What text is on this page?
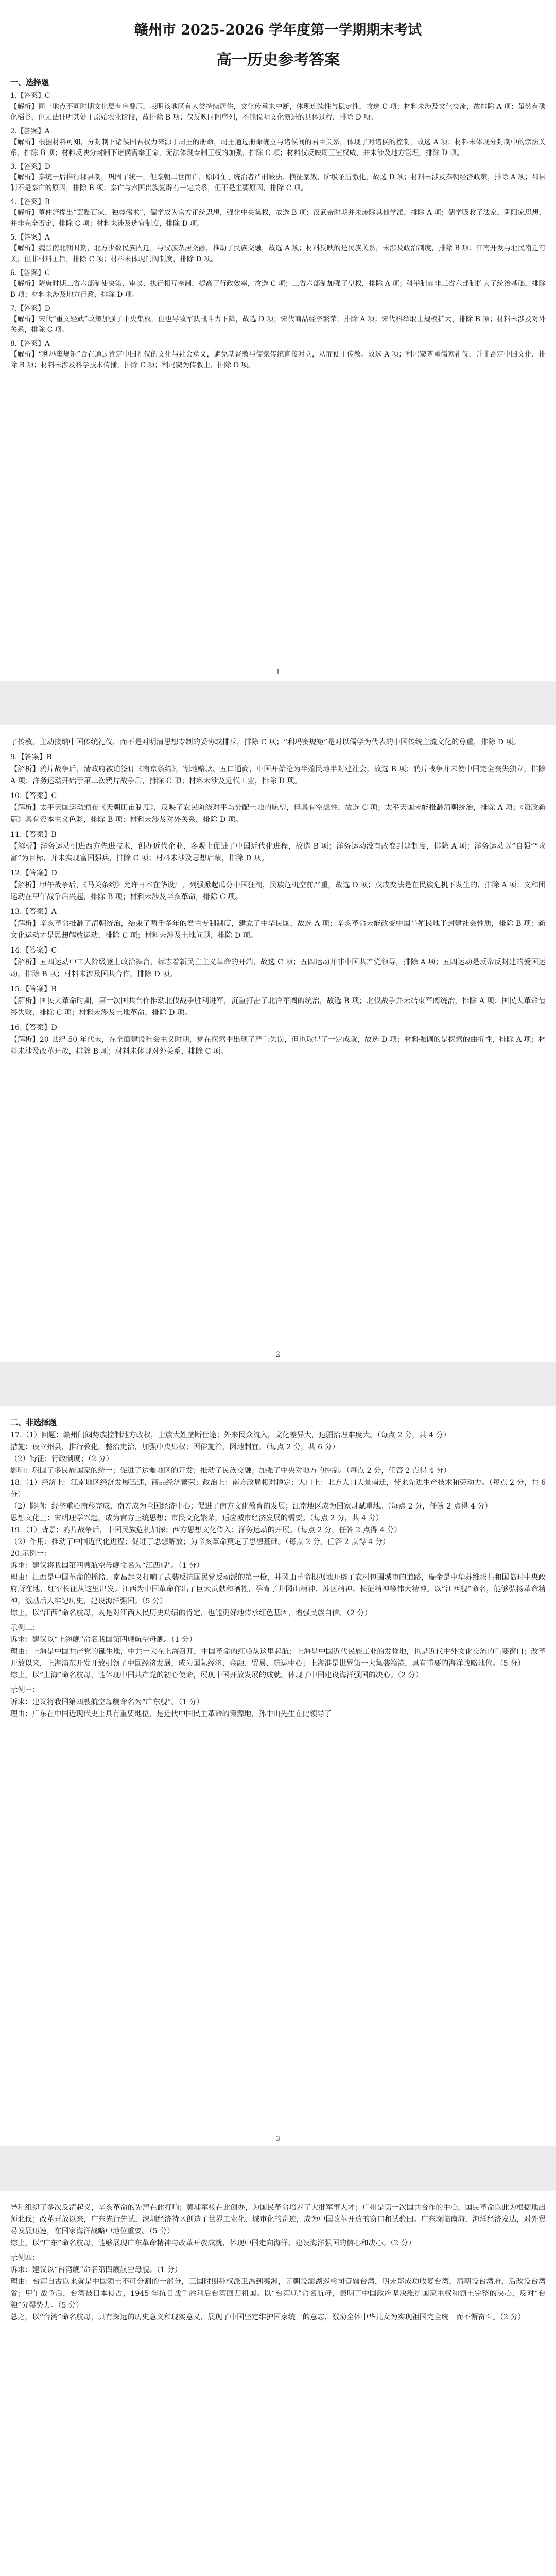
赣州市 2025-2026 学年度第一学期期末考试
高一历史参考答案
一、选择题

1.【答案】C

【解析】同一地点不同时期文化层有序叠压，表明该地区有人类持续居住，文化传承未中断，体现连续性与稳定性，故选 C 项；材料未涉及文化交流，故排除 A 项；虽然有碳化稻谷，但无法证明其处于原始农业阶段，故排除 B 项；仅反映时间序列，不能说明文化演进的具体过程，排除 D 项。

2.【答案】A

【解析】根据材料可知，分封制下诸侯国君权力来源于周王的册命，周王通过册命确立与诸侯间的君臣关系，体现了对诸侯的控制，故选 A 项；材料未体现分封制中的宗法关系，排除 B 项；材料反映分封制下诸侯需奉王命，无法体现专制王权的加强，排除 C 项；材料仅反映周王室权威，并未涉及地方管理，排除 D 项。

3.【答案】D

【解析】秦统一后推行郡县制，巩固了统一，但秦朝二世而亡，原因在于统治者严刑峻法、横征暴敛，阶级矛盾激化，故选 D 项；材料未涉及秦朝经济政策，排除 A 项；郡县制不是秦亡的原因，排除 B 项；秦亡与六国贵族复辟有一定关系，但不是主要原因，排除 C 项。

4.【答案】B

【解析】董仲舒提出“罢黜百家，独尊儒术”，儒学成为官方正统思想，强化中央集权，故选 B 项；汉武帝时期并未废除其他学派，排除 A 项；儒学吸收了法家、阴阳家思想，并非完全否定，排除 C 项；材料未涉及选官制度，排除 D 项。

5.【答案】A

【解析】魏晋南北朝时期，北方少数民族内迁，与汉族杂居交融，推动了民族交融，故选 A 项；材料反映的是民族关系，未涉及政治制度，排除 B 项；江南开发与北民南迁有关，但非材料主旨，排除 C 项；材料未体现门阀制度，排除 D 项。

6.【答案】C

【解析】隋唐时期三省六部制使决策、审议、执行相互牵制，提高了行政效率，故选 C 项；三省六部制加强了皇权，排除 A 项；科举制而非三省六部制扩大了统治基础，排除 B 项；材料未涉及地方行政，排除 D 项。

7.【答案】D

【解析】宋代“重文轻武”政策加强了中央集权，但也导致军队战斗力下降，故选 D 项；宋代商品经济繁荣，排除 A 项；宋代科举取士规模扩大，排除 B 项；材料未涉及对外关系，排除 C 项。

8.【答案】A

【解析】“利玛窦规矩”旨在通过肯定中国礼仪的文化与社会意义，避免基督教与儒家传统直接对立，从而便于传教。故选 A 项；利玛窦尊重儒家礼仪，并非否定中国文化，排除 B 项；材料未涉及科学技术传播，排除 C 项；利玛窦为传教士，排除 D 项。

1

了传教，主动接纳中国传统礼仪，而不是对明清思想专制的妥协或排斥，排除 C 项；“利玛窦规矩”是对以儒学为代表的中国传统主流文化的尊重，排除 D 项。

9.【答案】B

【解析】鸦片战争后，清政府被迫签订《南京条约》，割地赔款、五口通商，中国开始沦为半殖民地半封建社会，故选 B 项；鸦片战争并未使中国完全丧失独立，排除 A 项；洋务运动开始于第二次鸦片战争后，排除 C 项；材料未涉及近代工业，排除 D 项。

10.【答案】C

【解析】太平天国运动颁布《天朝田亩制度》，反映了农民阶级对平均分配土地的愿望，但具有空想性，故选 C 项；太平天国未能推翻清朝统治，排除 A 项；《资政新篇》具有资本主义色彩，排除 B 项；材料未涉及对外关系，排除 D 项。

11.【答案】B

【解析】洋务运动引进西方先进技术，创办近代企业，客观上促进了中国近代化进程，故选 B 项；洋务运动没有改变封建制度，排除 A 项；洋务运动以“自强”“求富”为目标，并未实现富国强兵，排除 C 项；材料未涉及思想启蒙，排除 D 项。

12.【答案】D

【解析】甲午战争后，《马关条约》允许日本在华设厂，列强掀起瓜分中国狂潮，民族危机空前严重，故选 D 项；戊戌变法是在民族危机下发生的，排除 A 项；义和团运动在甲午战争后兴起，排除 B 项；材料未涉及辛亥革命，排除 C 项。

13.【答案】A

【解析】辛亥革命推翻了清朝统治，结束了两千多年的君主专制制度，建立了中华民国，故选 A 项；辛亥革命未能改变中国半殖民地半封建社会性质，排除 B 项；新文化运动才是思想解放运动，排除 C 项；材料未涉及土地问题，排除 D 项。

14.【答案】C

【解析】五四运动中工人阶级登上政治舞台，标志着新民主主义革命的开端，故选 C 项；五四运动并非中国共产党领导，排除 A 项；五四运动是反帝反封建的爱国运动，排除 B 项；材料未涉及国共合作，排除 D 项。

15.【答案】B

【解析】国民大革命时期，第一次国共合作推动北伐战争胜利进军，沉重打击了北洋军阀的统治，故选 B 项；北伐战争并未结束军阀统治，排除 A 项；国民大革命最终失败，排除 C 项；材料未涉及土地革命，排除 D 项。

16.【答案】D

【解析】20 世纪 50 年代末，在全面建设社会主义时期，党在探索中出现了严重失误，但也取得了一定成就，故选 D 项；材料强调的是探索的曲折性，排除 A 项；材料未涉及改革开放，排除 B 项；材料未体现对外关系，排除 C 项。

2
二、非选择题

17.（1）问题：赣州门阀势族控制地方政权，士族大姓垄断仕途；外来民众流入，文化差异大，边疆治理难度大。（每点 2 分，共 4 分）

措施：设立州县，推行教化，整治吏治，加强中央集权；因俗施治，因地制宜。（每点 2 分，共 6 分）

（2）特征：行政制度；（2 分）

影响：巩固了多民族国家的统一；促进了边疆地区的开发；推动了民族交融；加强了中央对地方的控制。（每点 2 分，任答 2 点得 4 分）

18.（1）经济上：江南地区经济发展迅速，商品经济繁荣；政治上：南方政局相对稳定；人口上：北方人口大量南迁，带来先进生产技术和劳动力。（每点 2 分，共 6 分）

（2）影响：经济重心南移完成，南方成为全国经济中心；促进了南方文化教育的发展；江南地区成为国家财赋重地。（每点 2 分，任答 2 点得 4 分）

思想文化上：宋明理学兴起，成为官方正统思想；市民文化繁荣，适应城市经济发展的需要。（每点 2 分，共 4 分）

19.（1）背景：鸦片战争后，中国民族危机加深；西方思想文化传入；洋务运动的开展。（每点 2 分，任答 2 点得 4 分）

（2）作用：推动了中国近代化进程；促进了思想解放；为辛亥革命奠定了思想基础。（每点 2 分，任答 2 点得 4 分）

20.示例一：

诉求：建议将我国第四艘航空母舰命名为“江西舰”。（1 分）

理由：江西是中国革命的摇篮，南昌起义打响了武装反抗国民党反动派的第一枪，井冈山革命根据地开辟了农村包围城市的道路，瑞金是中华苏维埃共和国临时中央政府所在地，红军长征从这里出发。江西为中国革命作出了巨大贡献和牺牲，孕育了井冈山精神、苏区精神、长征精神等伟大精神。以“江西舰”命名，能够弘扬革命精神，激励后人牢记历史，建设海洋强国。（5 分）

综上，以“江西”命名航母，既是对江西人民历史功绩的肯定，也能更好地传承红色基因，增强民族自信。（2 分）

示例二：

诉求：建议以“上海舰”命名我国第四艘航空母舰。（1 分）

理由：上海是中国共产党的诞生地，中共一大在上海召开，中国革命的红船从这里起航；上海是中国近代民族工业的发祥地，也是近代中外文化交流的重要窗口；改革开放以来，上海浦东开发开放引领了中国经济发展，成为国际经济、金融、贸易、航运中心；上海港是世界第一大集装箱港，具有重要的海洋战略地位。（5 分）

综上，以“上海”命名航母，能体现中国共产党的初心使命，展现中国开放发展的成就，体现了中国建设海洋强国的决心。（2 分）

示例三：

诉求：建议将我国第四艘航空母舰命名为“广东舰”。（1 分）

理由：广东在中国近现代史上具有重要地位，是近代中国民主革命的策源地，孙中山先生在此领导了

3

导和组织了多次反清起义，辛亥革命的先声在此打响；黄埔军校在此创办，为国民革命培养了大批军事人才；广州是第一次国共合作的中心，国民革命以此为根据地出师北伐；改革开放以来，广东先行先试，深圳经济特区创造了世界工业化、城市化的奇迹，成为中国改革开放的窗口和试验田。广东濒临南海，海洋经济发达，对外贸易发展迅速，在国家海洋战略中地位重要。（5 分）

综上，以“广东”命名航母，能够展现广东革命精神与改革开放成就，体现中国走向海洋、建设海洋强国的信心和决心。（2 分）

示例四：

诉求：建议以“台湾舰”命名第四艘航空母舰。（1 分）

理由：台湾自古以来就是中国领土不可分割的一部分，三国时期孙权派卫温到夷洲，元朝设澎湖巡检司管辖台湾，明末郑成功收复台湾，清朝设台湾府，后改设台湾省；甲午战争后，台湾被日本侵占，1945 年抗日战争胜利后台湾回归祖国。以“台湾舰”命名航母，表明了中国政府坚决维护国家主权和领土完整的决心，反对“台独”分裂势力。（5 分）

总之，以“台湾”命名航母，具有深远的历史意义和现实意义，展现了中国坚定维护国家统一的意志，激励全体中华儿女为实现祖国完全统一而不懈奋斗。（2 分）
